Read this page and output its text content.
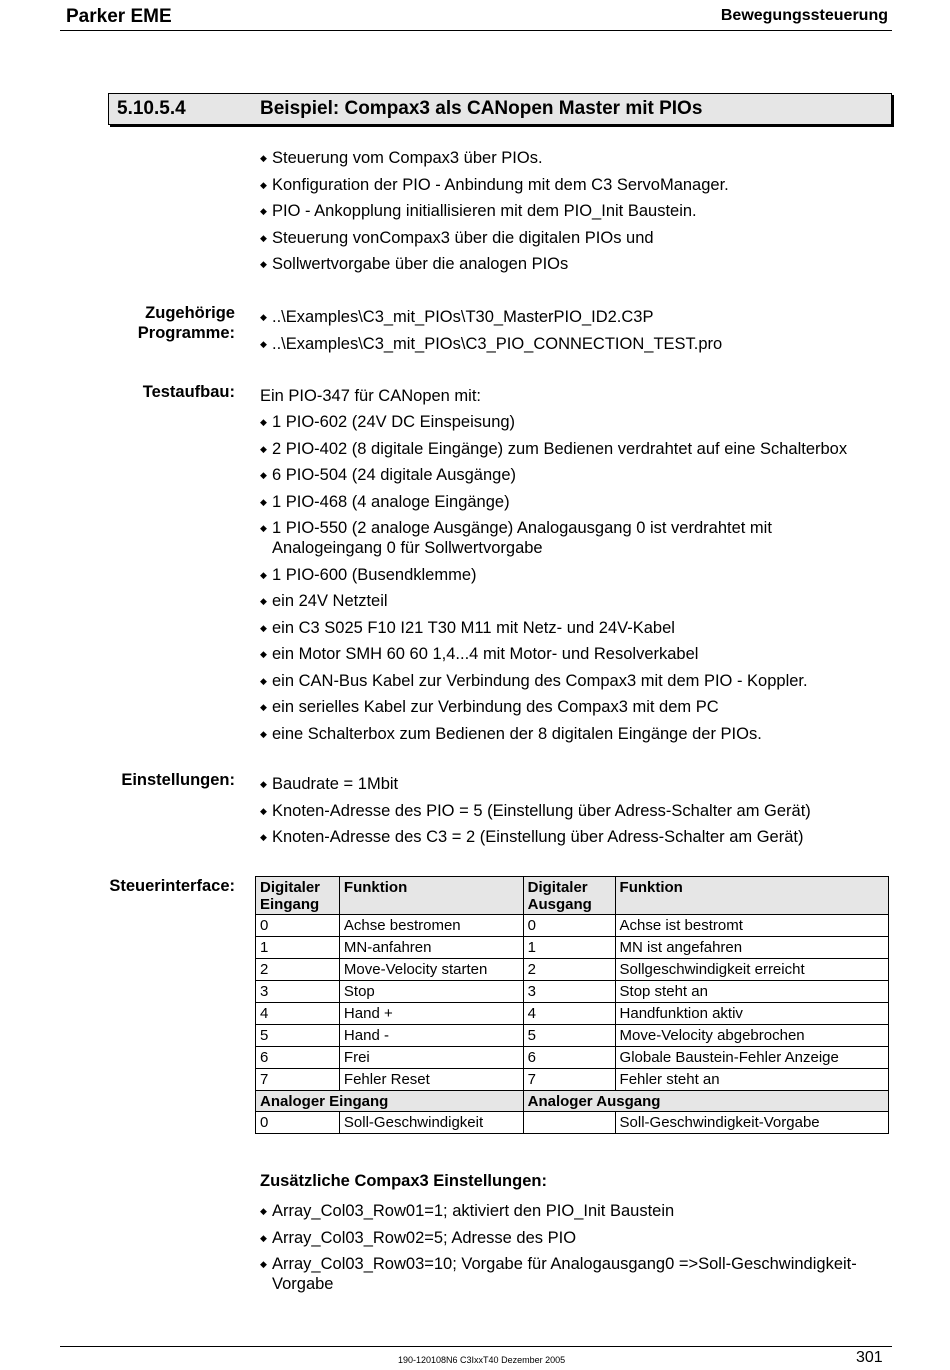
Parker EME	Bewegungssteuerung
5.10.5.4	Beispiel: Compax3 als CANopen Master mit PIOs
◆ Steuerung vom Compax3 über PIOs.
◆ Konfiguration der PIO - Anbindung mit dem C3 ServoManager.
◆ PIO - Ankopplung initiallisieren mit dem PIO_Init Baustein.
◆ Steuerung vonCompax3 über die digitalen PIOs und
◆ Sollwertvorgabe über die analogen PIOs
Zugehörige
Programme:
◆ ..\Examples\C3_mit_PIOs\T30_MasterPIO_ID2.C3P
◆ ..\Examples\C3_mit_PIOs\C3_PIO_CONNECTION_TEST.pro
Testaufbau: Ein PIO-347 für CANopen mit:
◆ 1 PIO-602 (24V DC Einspeisung)
◆ 2 PIO-402 (8 digitale Eingänge) zum Bedienen verdrahtet auf eine Schalterbox
◆ 6 PIO-504 (24 digitale Ausgänge)
◆ 1 PIO-468 (4 analoge Eingänge)
◆ 1 PIO-550 (2 analoge Ausgänge) Analogausgang 0 ist verdrahtet mit Analogeingang 0 für Sollwertvorgabe
◆ 1 PIO-600 (Busendklemme)
◆ ein 24V Netzteil
◆ ein C3 S025 F10 I21 T30 M11 mit Netz- und 24V-Kabel
◆ ein Motor SMH 60 60 1,4...4 mit Motor- und Resolverkabel
◆ ein CAN-Bus Kabel zur Verbindung des Compax3 mit dem PIO - Koppler.
◆ ein serielles Kabel zur Verbindung des Compax3 mit dem PC
◆ eine Schalterbox zum Bedienen der 8 digitalen Eingänge der PIOs.
Einstellungen:	◆ Baudrate = 1Mbit
◆ Knoten-Adresse des PIO = 5 (Einstellung über Adress-Schalter am Gerät)
◆ Knoten-Adresse des C3 = 2 (Einstellung über Adress-Schalter am Gerät)
Steuerinterface: Digitaler Eingang	Funktion	Digitaler Ausgang	Funktion
0	Achse bestromen	0	Achse ist bestromt
1	MN-anfahren	1	MN ist angefahren
2	Move-Velocity starten	2	Sollgeschwindigkeit erreicht
3	Stop	3	Stop steht an
4	Hand +	4	Handfunktion aktiv
5	Hand -	5	Move-Velocity abgebrochen
6	Frei	6	Globale Baustein-Fehler Anzeige
7	Fehler Reset	7	Fehler steht an
Analoger Eingang		Analoger Ausgang	
0	Soll-Geschwindigkeit		Soll-Geschwindigkeit-Vorgabe
Zusätzliche Compax3 Einstellungen:
◆ Array_Col03_Row01=1; aktiviert den PIO_Init Baustein
◆ Array_Col03_Row02=5; Adresse des PIO
◆ Array_Col03_Row03=10; Vorgabe für Analogausgang0 =>Soll-Geschwindigkeit-Vorgabe
190-120108N6 C3IxxT40 Dezember 2005	301
